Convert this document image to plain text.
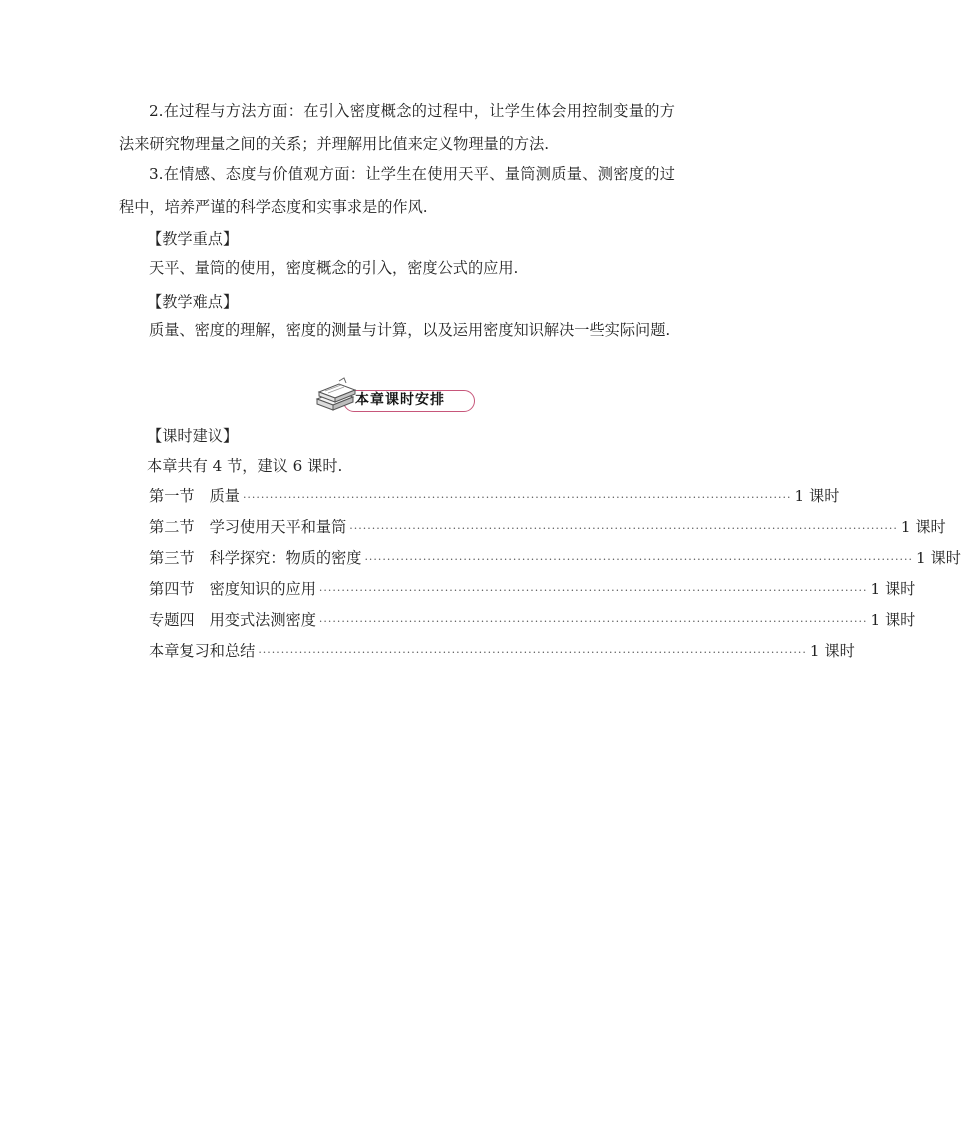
2.在过程与方法方面：在引入密度概念的过程中，让学生体会用控制变量的方法来研究物理量之间的关系；并理解用比值来定义物理量的方法.

3.在情感、态度与价值观方面：让学生在使用天平、量筒测质量、测密度的过程中，培养严谨的科学态度和实事求是的作风.

【教学重点】

天平、量筒的使用，密度概念的引入，密度公式的应用.

【教学难点】

质量、密度的理解，密度的测量与计算，以及运用密度知识解决一些实际问题.

本章课时安排

【课时建议】

本章共有 4 节，建议 6 课时.

第一节 质量 ·························································································································· 1 课时
第二节 学习使用天平和量筒 ·························································································································· 1 课时
第三节 科学探究：物质的密度 ·························································································································· 1 课时
第四节 密度知识的应用 ·························································································································· 1 课时
专题四 用变式法测密度 ·························································································································· 1 课时
本章复习和总结 ·························································································································· 1 课时
